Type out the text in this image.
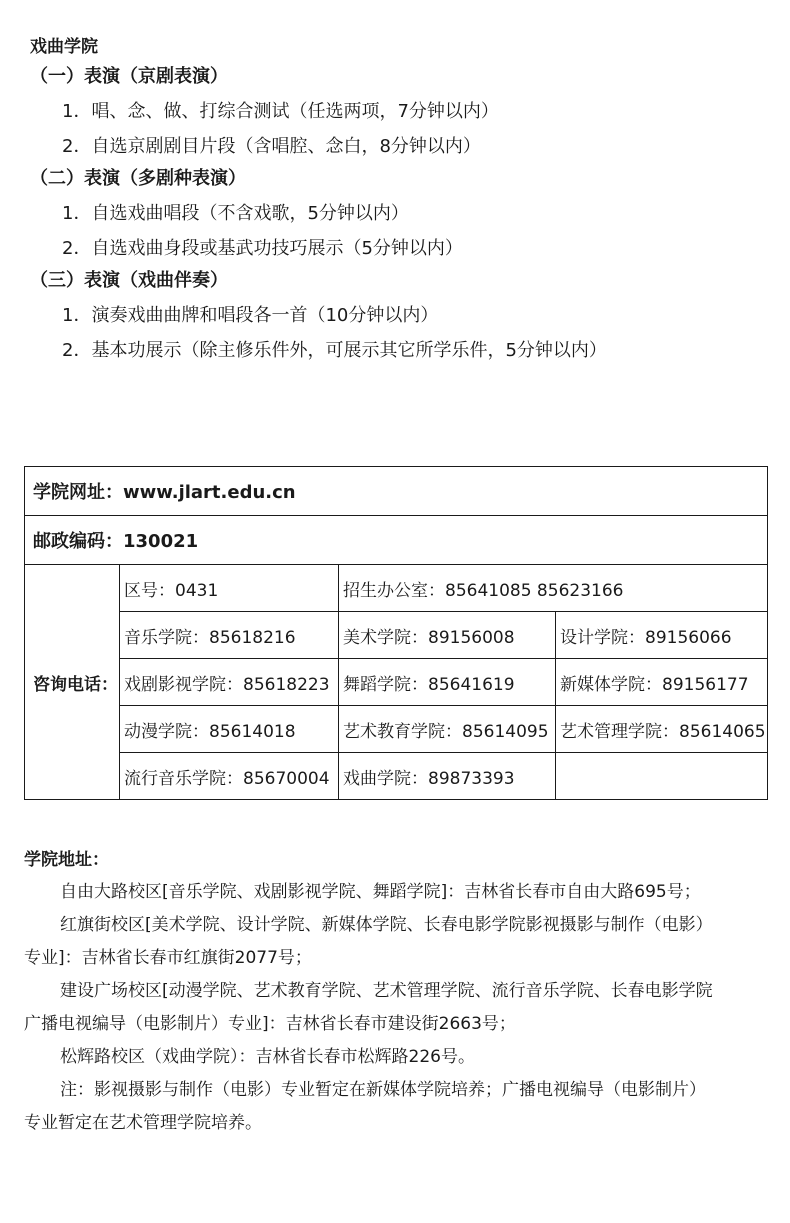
戏曲学院
（一）表演（京剧表演）
1．唱、念、做、打综合测试（任选两项，7分钟以内）
2．自选京剧剧目片段（含唱腔、念白，8分钟以内）
（二）表演（多剧种表演）
1．自选戏曲唱段（不含戏歌，5分钟以内）
2．自选戏曲身段或基武功技巧展示（5分钟以内）
（三）表演（戏曲伴奏）
1．演奏戏曲曲牌和唱段各一首（10分钟以内）
2．基本功展示（除主修乐件外，可展示其它所学乐件，5分钟以内）
学院网址：www.jlart.edu.cn			
邮政编码：130021			
咨询电话：	区号：0431	招生办公室：85641085 85623166	
	音乐学院：85618216	美术学院：89156008	设计学院：89156066
	戏剧影视学院：85618223	舞蹈学院：85641619	新媒体学院：89156177
	动漫学院：85614018	艺术教育学院：85614095	艺术管理学院：85614065
	流行音乐学院：85670004	戏曲学院：89873393	
学院地址：
自由大路校区[音乐学院、戏剧影视学院、舞蹈学院]：吉林省长春市自由大路695号；
红旗街校区[美术学院、设计学院、新媒体学院、长春电影学院影视摄影与制作（电影）
专业]：吉林省长春市红旗街2077号；
建设广场校区[动漫学院、艺术教育学院、艺术管理学院、流行音乐学院、长春电影学院
广播电视编导（电影制片）专业]：吉林省长春市建设街2663号；
松辉路校区（戏曲学院）：吉林省长春市松辉路226号。
注：影视摄影与制作（电影）专业暂定在新媒体学院培养；广播电视编导（电影制片）
专业暂定在艺术管理学院培养。
